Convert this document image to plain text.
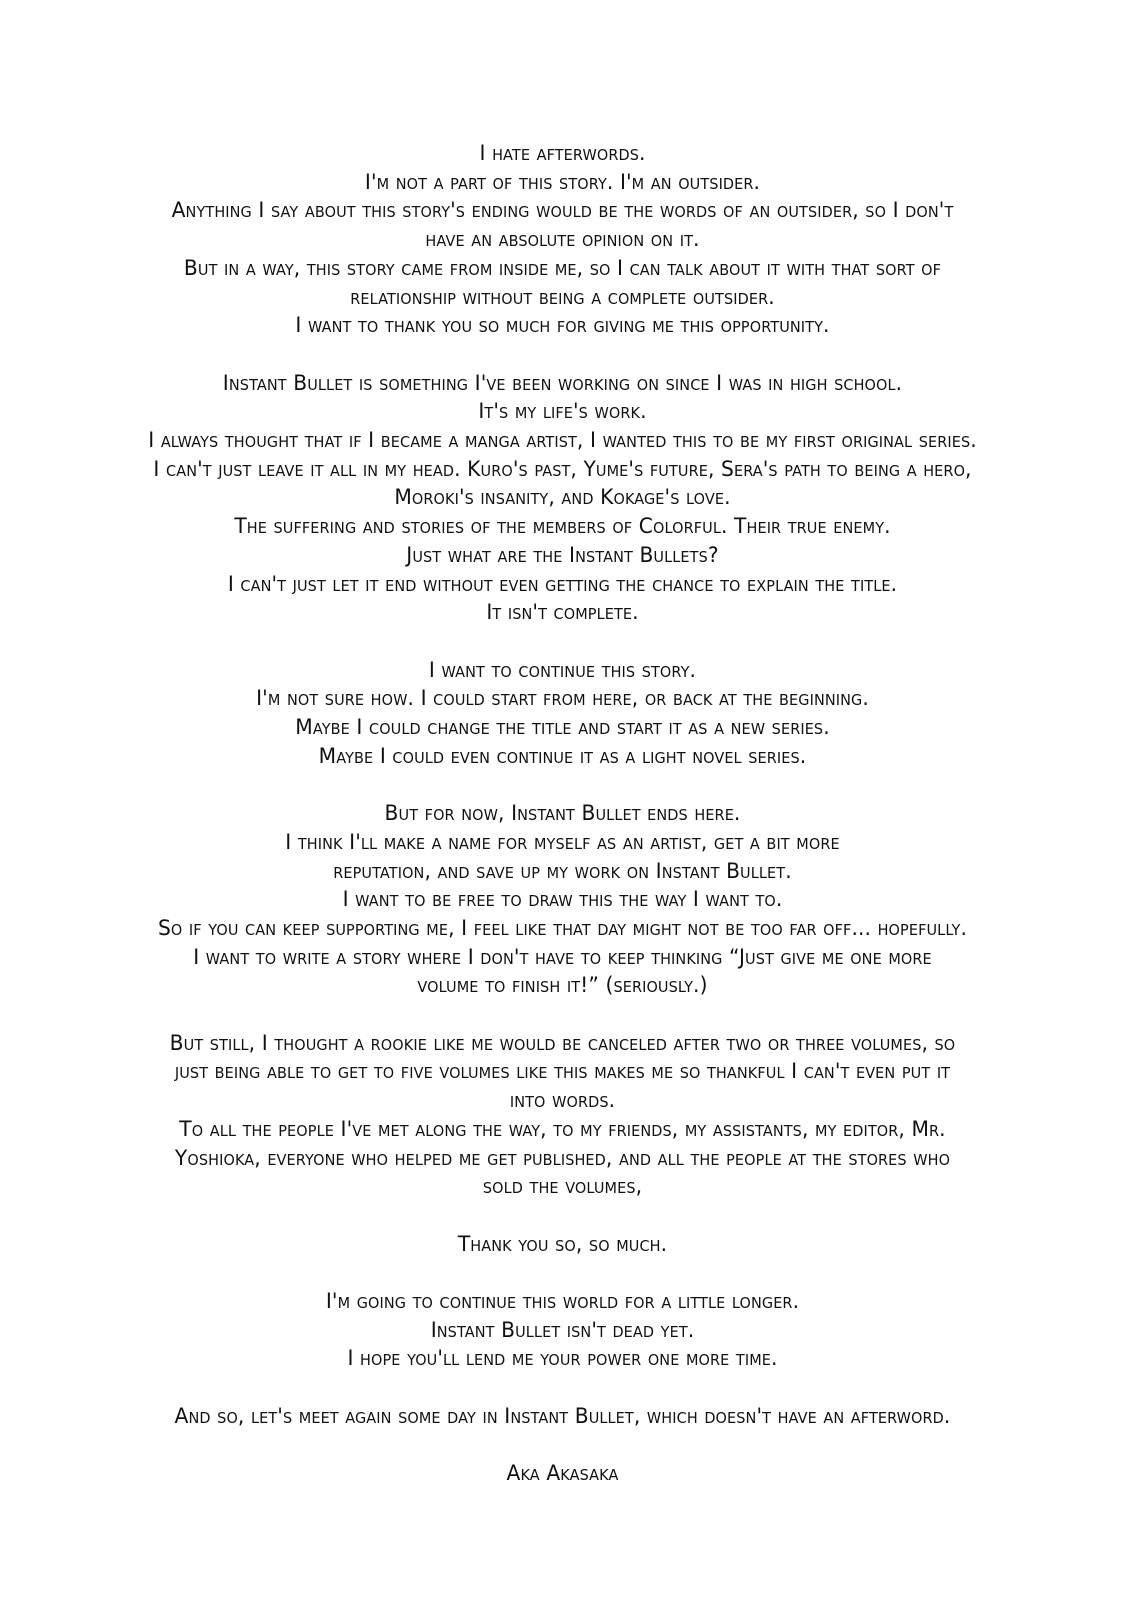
I hate afterwords.
I'm not a part of this story. I'm an outsider.
Anything I say about this story's ending would be the words of an outsider, so I don't
have an absolute opinion on it.
But in a way, this story came from inside me, so I can talk about it with that sort of
relationship without being a complete outsider.
I want to thank you so much for giving me this opportunity.
Instant Bullet is something I've been working on since I was in high school.
It's my life's work.
I always thought that if I became a manga artist, I wanted this to be my first original series.
I can't just leave it all in my head. Kuro's past, Yume's future, Sera's path to being a hero,
Moroki's insanity, and Kokage's love.
The suffering and stories of the members of Colorful. Their true enemy.
Just what are the Instant Bullets?
I can't just let it end without even getting the chance to explain the title.
It isn't complete.
I want to continue this story.
I'm not sure how. I could start from here, or back at the beginning.
Maybe I could change the title and start it as a new series.
Maybe I could even continue it as a light novel series.
But for now, Instant Bullet ends here.
I think I'll make a name for myself as an artist, get a bit more
reputation, and save up my work on Instant Bullet.
I want to be free to draw this the way I want to.
So if you can keep supporting me, I feel like that day might not be too far off... hopefully.
I want to write a story where I don't have to keep thinking “Just give me one more
volume to finish it!” (seriously.)
But still, I thought a rookie like me would be canceled after two or three volumes, so
just being able to get to five volumes like this makes me so thankful I can't even put it
into words.
To all the people I've met along the way, to my friends, my assistants, my editor, Mr.
Yoshioka, everyone who helped me get published, and all the people at the stores who
sold the volumes,
Thank you so, so much.
I'm going to continue this world for a little longer.
Instant Bullet isn't dead yet.
I hope you'll lend me your power one more time.
And so, let's meet again some day in Instant Bullet, which doesn't have an afterword.
Aka Akasaka
